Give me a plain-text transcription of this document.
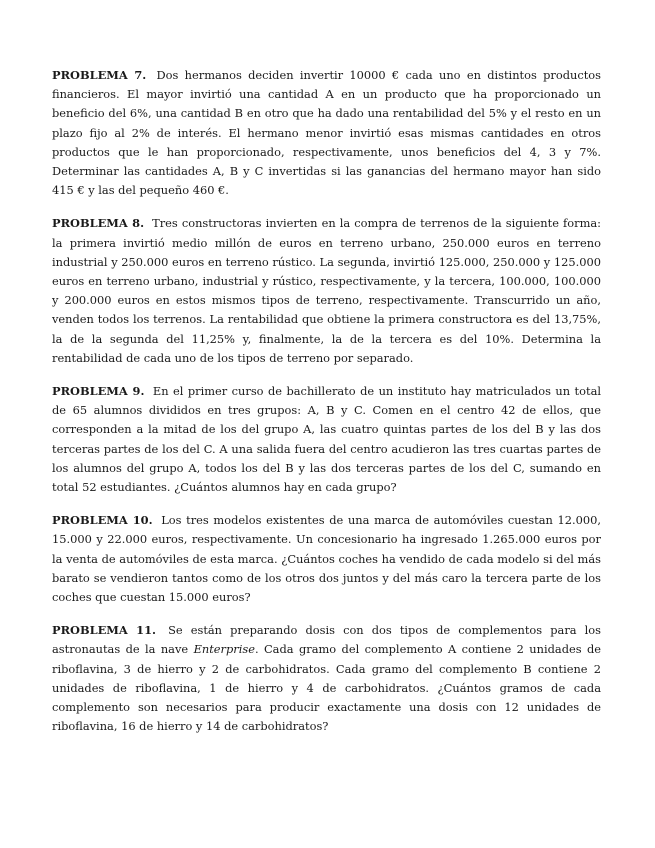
PROBLEMA 7. Dos hermanos deciden invertir 10000 € cada uno en distintos productos financieros. El mayor invirtió una cantidad A en un producto que ha proporcionado un beneficio del 6%, una cantidad B en otro que ha dado una rentabilidad del 5% y el resto en un plazo fijo al 2% de interés. El hermano menor invirtió esas mismas cantidades en otros productos que le han proporcionado, respectivamente, unos beneficios del 4, 3 y 7%. Determinar las cantidades A, B y C invertidas si las ganancias del hermano mayor han sido 415 € y las del pequeño 460 €.

PROBLEMA 8. Tres constructoras invierten en la compra de terrenos de la siguiente forma: la primera invirtió medio millón de euros en terreno urbano, 250.000 euros en terreno industrial y 250.000 euros en terreno rústico. La segunda, invirtió 125.000, 250.000 y 125.000 euros en terreno urbano, industrial y rústico, respectivamente, y la tercera, 100.000, 100.000 y 200.000 euros en estos mismos tipos de terreno, respectivamente. Transcurrido un año, venden todos los terrenos. La rentabilidad que obtiene la primera constructora es del 13,75%, la de la segunda del 11,25% y, finalmente, la de la tercera es del 10%. Determina la rentabilidad de cada uno de los tipos de terreno por separado.

PROBLEMA 9. En el primer curso de bachillerato de un instituto hay matriculados un total de 65 alumnos divididos en tres grupos: A, B y C. Comen en el centro 42 de ellos, que corresponden a la mitad de los del grupo A, las cuatro quintas partes de los del B y las dos terceras partes de los del C. A una salida fuera del centro acudieron las tres cuartas partes de los alumnos del grupo A, todos los del B y las dos terceras partes de los del C, sumando en total 52 estudiantes. ¿Cuántos alumnos hay en cada grupo?

PROBLEMA 10. Los tres modelos existentes de una marca de automóviles cuestan 12.000, 15.000 y 22.000 euros, respectivamente. Un concesionario ha ingresado 1.265.000 euros por la venta de automóviles de esta marca. ¿Cuántos coches ha vendido de cada modelo si del más barato se vendieron tantos como de los otros dos juntos y del más caro la tercera parte de los coches que cuestan 15.000 euros?

PROBLEMA 11. Se están preparando dosis con dos tipos de complementos para los astronautas de la nave Enterprise. Cada gramo del complemento A contiene 2 unidades de riboflavina, 3 de hierro y 2 de carbohidratos. Cada gramo del complemento B contiene 2 unidades de riboflavina, 1 de hierro y 4 de carbohidratos. ¿Cuántos gramos de cada complemento son necesarios para producir exactamente una dosis con 12 unidades de riboflavina, 16 de hierro y 14 de carbohidratos?
